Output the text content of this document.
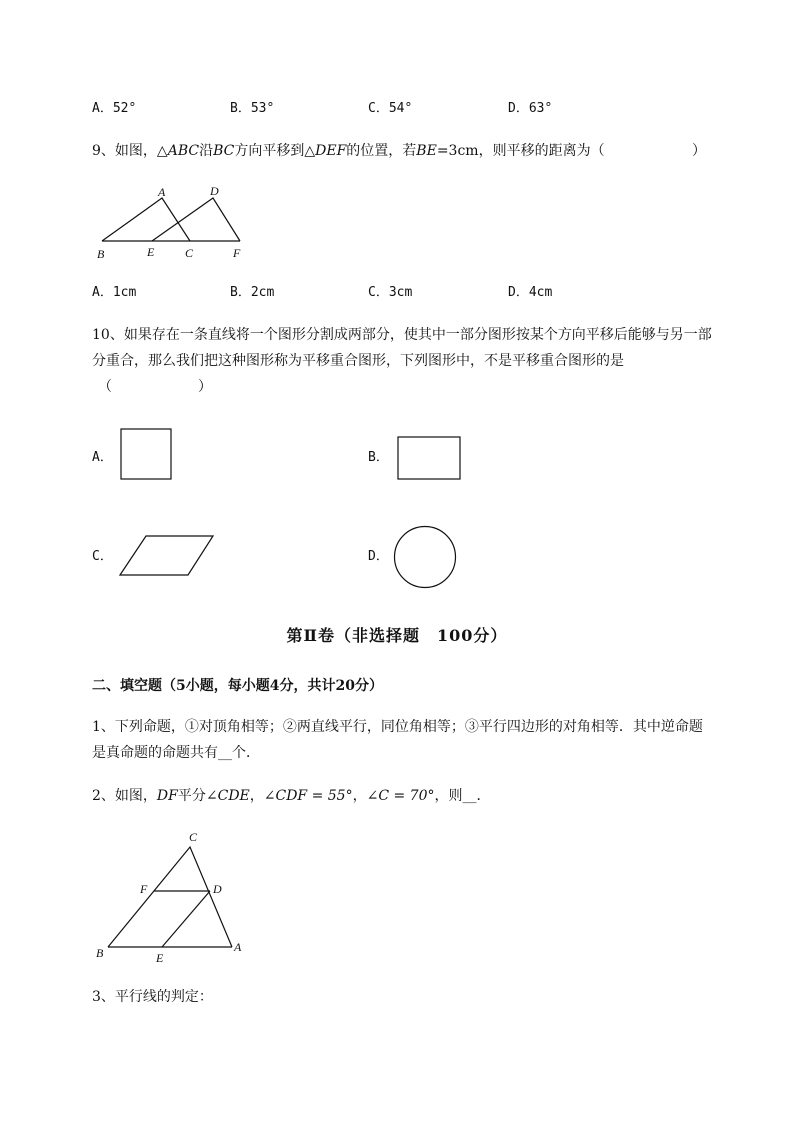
A．52°	B．53°	C．54°	D．63°
9、如图，△ABC沿BC方向平移到△DEF的位置，若BE=3cm，则平移的距离为（	）
A	D
B	E	C	F
A．1cm	B．2cm	C．3cm	D．4cm
10、如果存在一条直线将一个图形分割成两部分，使其中一部分图形按某个方向平移后能够与另一部
分重合，那么我们把这种图形称为平移重合图形，下列图形中，不是平移重合图形的是
（	）
A．	B．
C．	D．
第Ⅱ卷（非选择题　100分）
二、填空题（5小题，每小题4分，共计20分）
1、下列命题，①对顶角相等；②两直线平行，同位角相等；③平行四边形的对角相等．其中逆命题
是真命题的命题共有__个．
2、如图，DF平分∠CDE，∠CDF = 55°，∠C = 70°，则__．
C
F	D
B	E
A
3、平行线的判定：
